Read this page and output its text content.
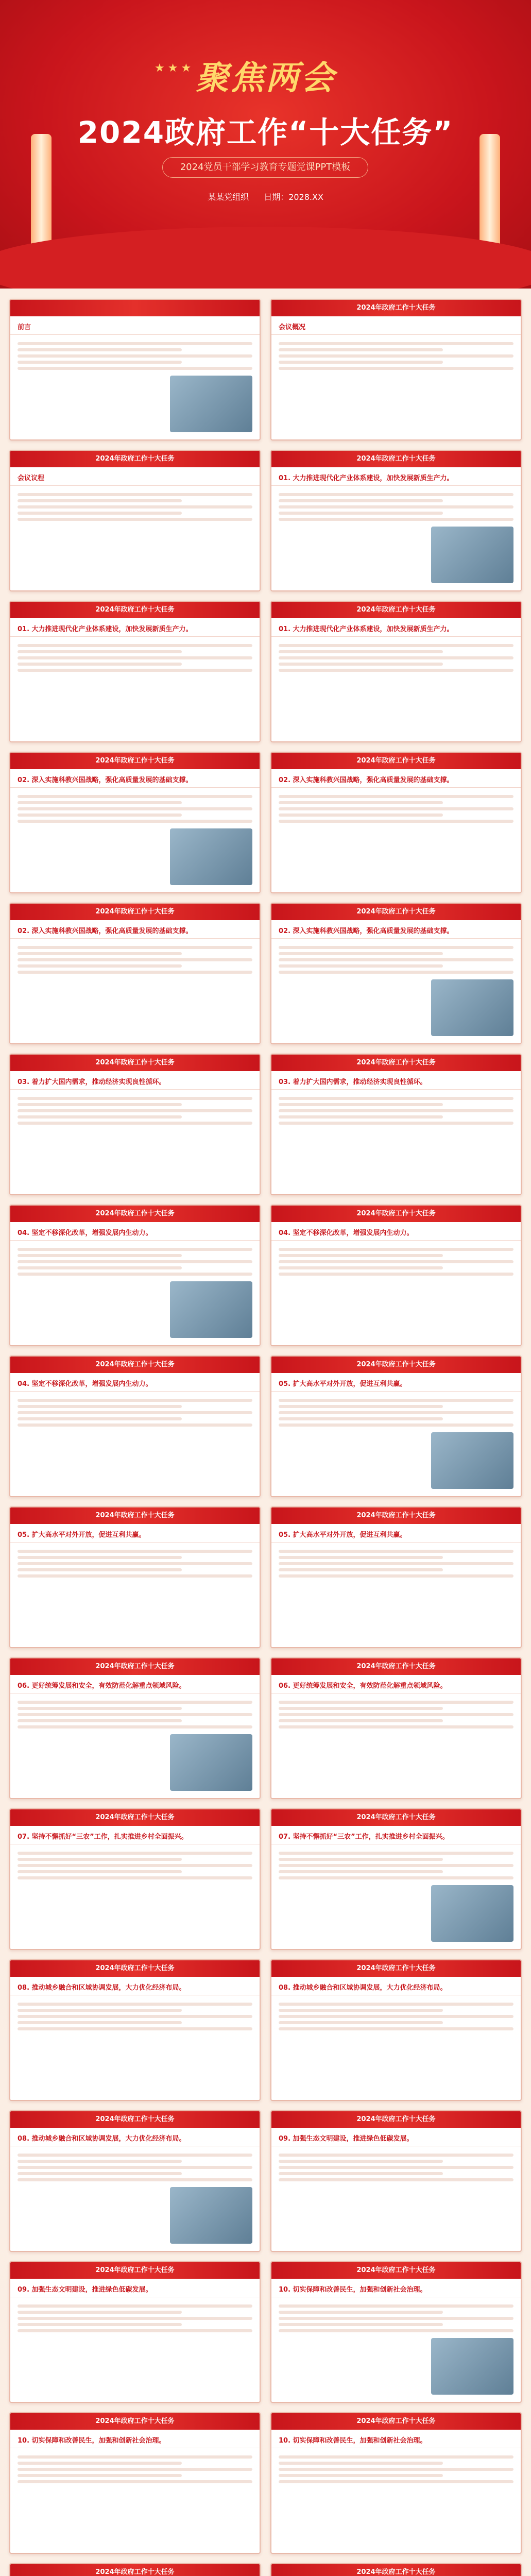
★★★ 聚焦两会
2024政府工作“十大任务”
2024党员干部学习教育专题党课PPT模板
某某党组织 日期：2028.XX
前言
2024年政府工作十大任务
会议概况
2024年政府工作十大任务
会议议程
2024年政府工作十大任务
01. 大力推进现代化产业体系建设，加快发展新质生产力。
2024年政府工作十大任务
01. 大力推进现代化产业体系建设，加快发展新质生产力。
2024年政府工作十大任务
01. 大力推进现代化产业体系建设，加快发展新质生产力。
2024年政府工作十大任务
02. 深入实施科教兴国战略，强化高质量发展的基础支撑。
2024年政府工作十大任务
02. 深入实施科教兴国战略，强化高质量发展的基础支撑。
2024年政府工作十大任务
02. 深入实施科教兴国战略，强化高质量发展的基础支撑。
2024年政府工作十大任务
02. 深入实施科教兴国战略，强化高质量发展的基础支撑。
2024年政府工作十大任务
03. 着力扩大国内需求，推动经济实现良性循环。
2024年政府工作十大任务
03. 着力扩大国内需求，推动经济实现良性循环。
2024年政府工作十大任务
04. 坚定不移深化改革，增强发展内生动力。
2024年政府工作十大任务
04. 坚定不移深化改革，增强发展内生动力。
2024年政府工作十大任务
04. 坚定不移深化改革，增强发展内生动力。
2024年政府工作十大任务
05. 扩大高水平对外开放，促进互利共赢。
2024年政府工作十大任务
05. 扩大高水平对外开放，促进互利共赢。
2024年政府工作十大任务
05. 扩大高水平对外开放，促进互利共赢。
2024年政府工作十大任务
06. 更好统筹发展和安全，有效防范化解重点领域风险。
2024年政府工作十大任务
06. 更好统筹发展和安全，有效防范化解重点领域风险。
2024年政府工作十大任务
07. 坚持不懈抓好“三农”工作，扎实推进乡村全面振兴。
2024年政府工作十大任务
07. 坚持不懈抓好“三农”工作，扎实推进乡村全面振兴。
2024年政府工作十大任务
08. 推动城乡融合和区域协调发展，大力优化经济布局。
2024年政府工作十大任务
08. 推动城乡融合和区域协调发展，大力优化经济布局。
2024年政府工作十大任务
08. 推动城乡融合和区域协调发展，大力优化经济布局。
2024年政府工作十大任务
09. 加强生态文明建设，推进绿色低碳发展。
2024年政府工作十大任务
09. 加强生态文明建设，推进绿色低碳发展。
2024年政府工作十大任务
10. 切实保障和改善民生，加强和创新社会治理。
2024年政府工作十大任务
10. 切实保障和改善民生，加强和创新社会治理。
2024年政府工作十大任务
10. 切实保障和改善民生，加强和创新社会治理。
2024年政府工作十大任务	2024年政府工作十大任务
